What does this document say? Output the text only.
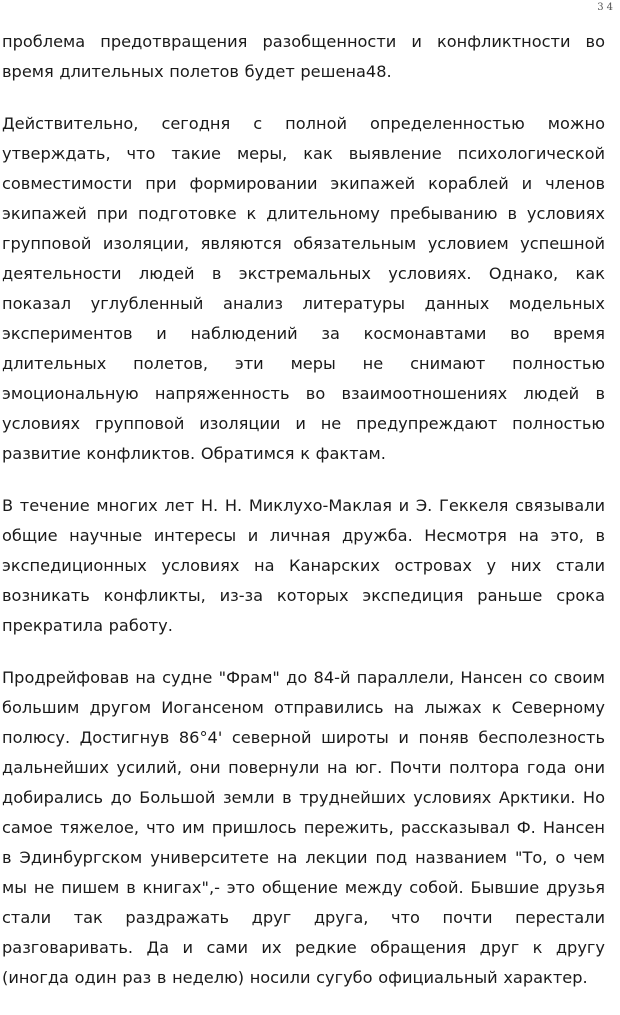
34

проблема предотвращения разобщенности и конфликтности во время длительных полетов будет решена48.

Действительно, сегодня с полной определенностью можно утверждать, что такие меры, как выявление психологической совместимости при формировании экипажей кораблей и членов экипажей при подготовке к длительному пребыванию в условиях групповой изоляции, являются обязательным условием успешной деятельности людей в экстремальных условиях. Однако, как показал углубленный анализ литературы данных модельных экспериментов и наблюдений за космонавтами во время длительных полетов, эти меры не снимают полностью эмоциональную напряженность во взаимоотношениях людей в условиях групповой изоляции и не предупреждают полностью развитие конфликтов. Обратимся к фактам.

В течение многих лет Н. Н. Миклухо-Маклая и Э. Геккеля связывали общие научные интересы и личная дружба. Несмотря на это, в экспедиционных условиях на Канарских островах у них стали возникать конфликты, из-за которых экспедиция раньше срока прекратила работу.

Продрейфовав на судне "Фрам" до 84-й параллели, Нансен со своим большим другом Иогансеном отправились на лыжах к Северному полюсу. Достигнув 86°4' северной широты и поняв бесполезность дальнейших усилий, они повернули на юг. Почти полтора года они добирались до Большой земли в труднейших условиях Арктики. Но самое тяжелое, что им пришлось пережить, рассказывал Ф. Нансен в Эдинбургском университете на лекции под названием "То, о чем мы не пишем в книгах",- это общение между собой. Бывшие друзья стали так раздражать друг друга, что почти перестали разговаривать. Да и сами их редкие обращения друг к другу (иногда один раз в неделю) носили сугубо официальный характер.
